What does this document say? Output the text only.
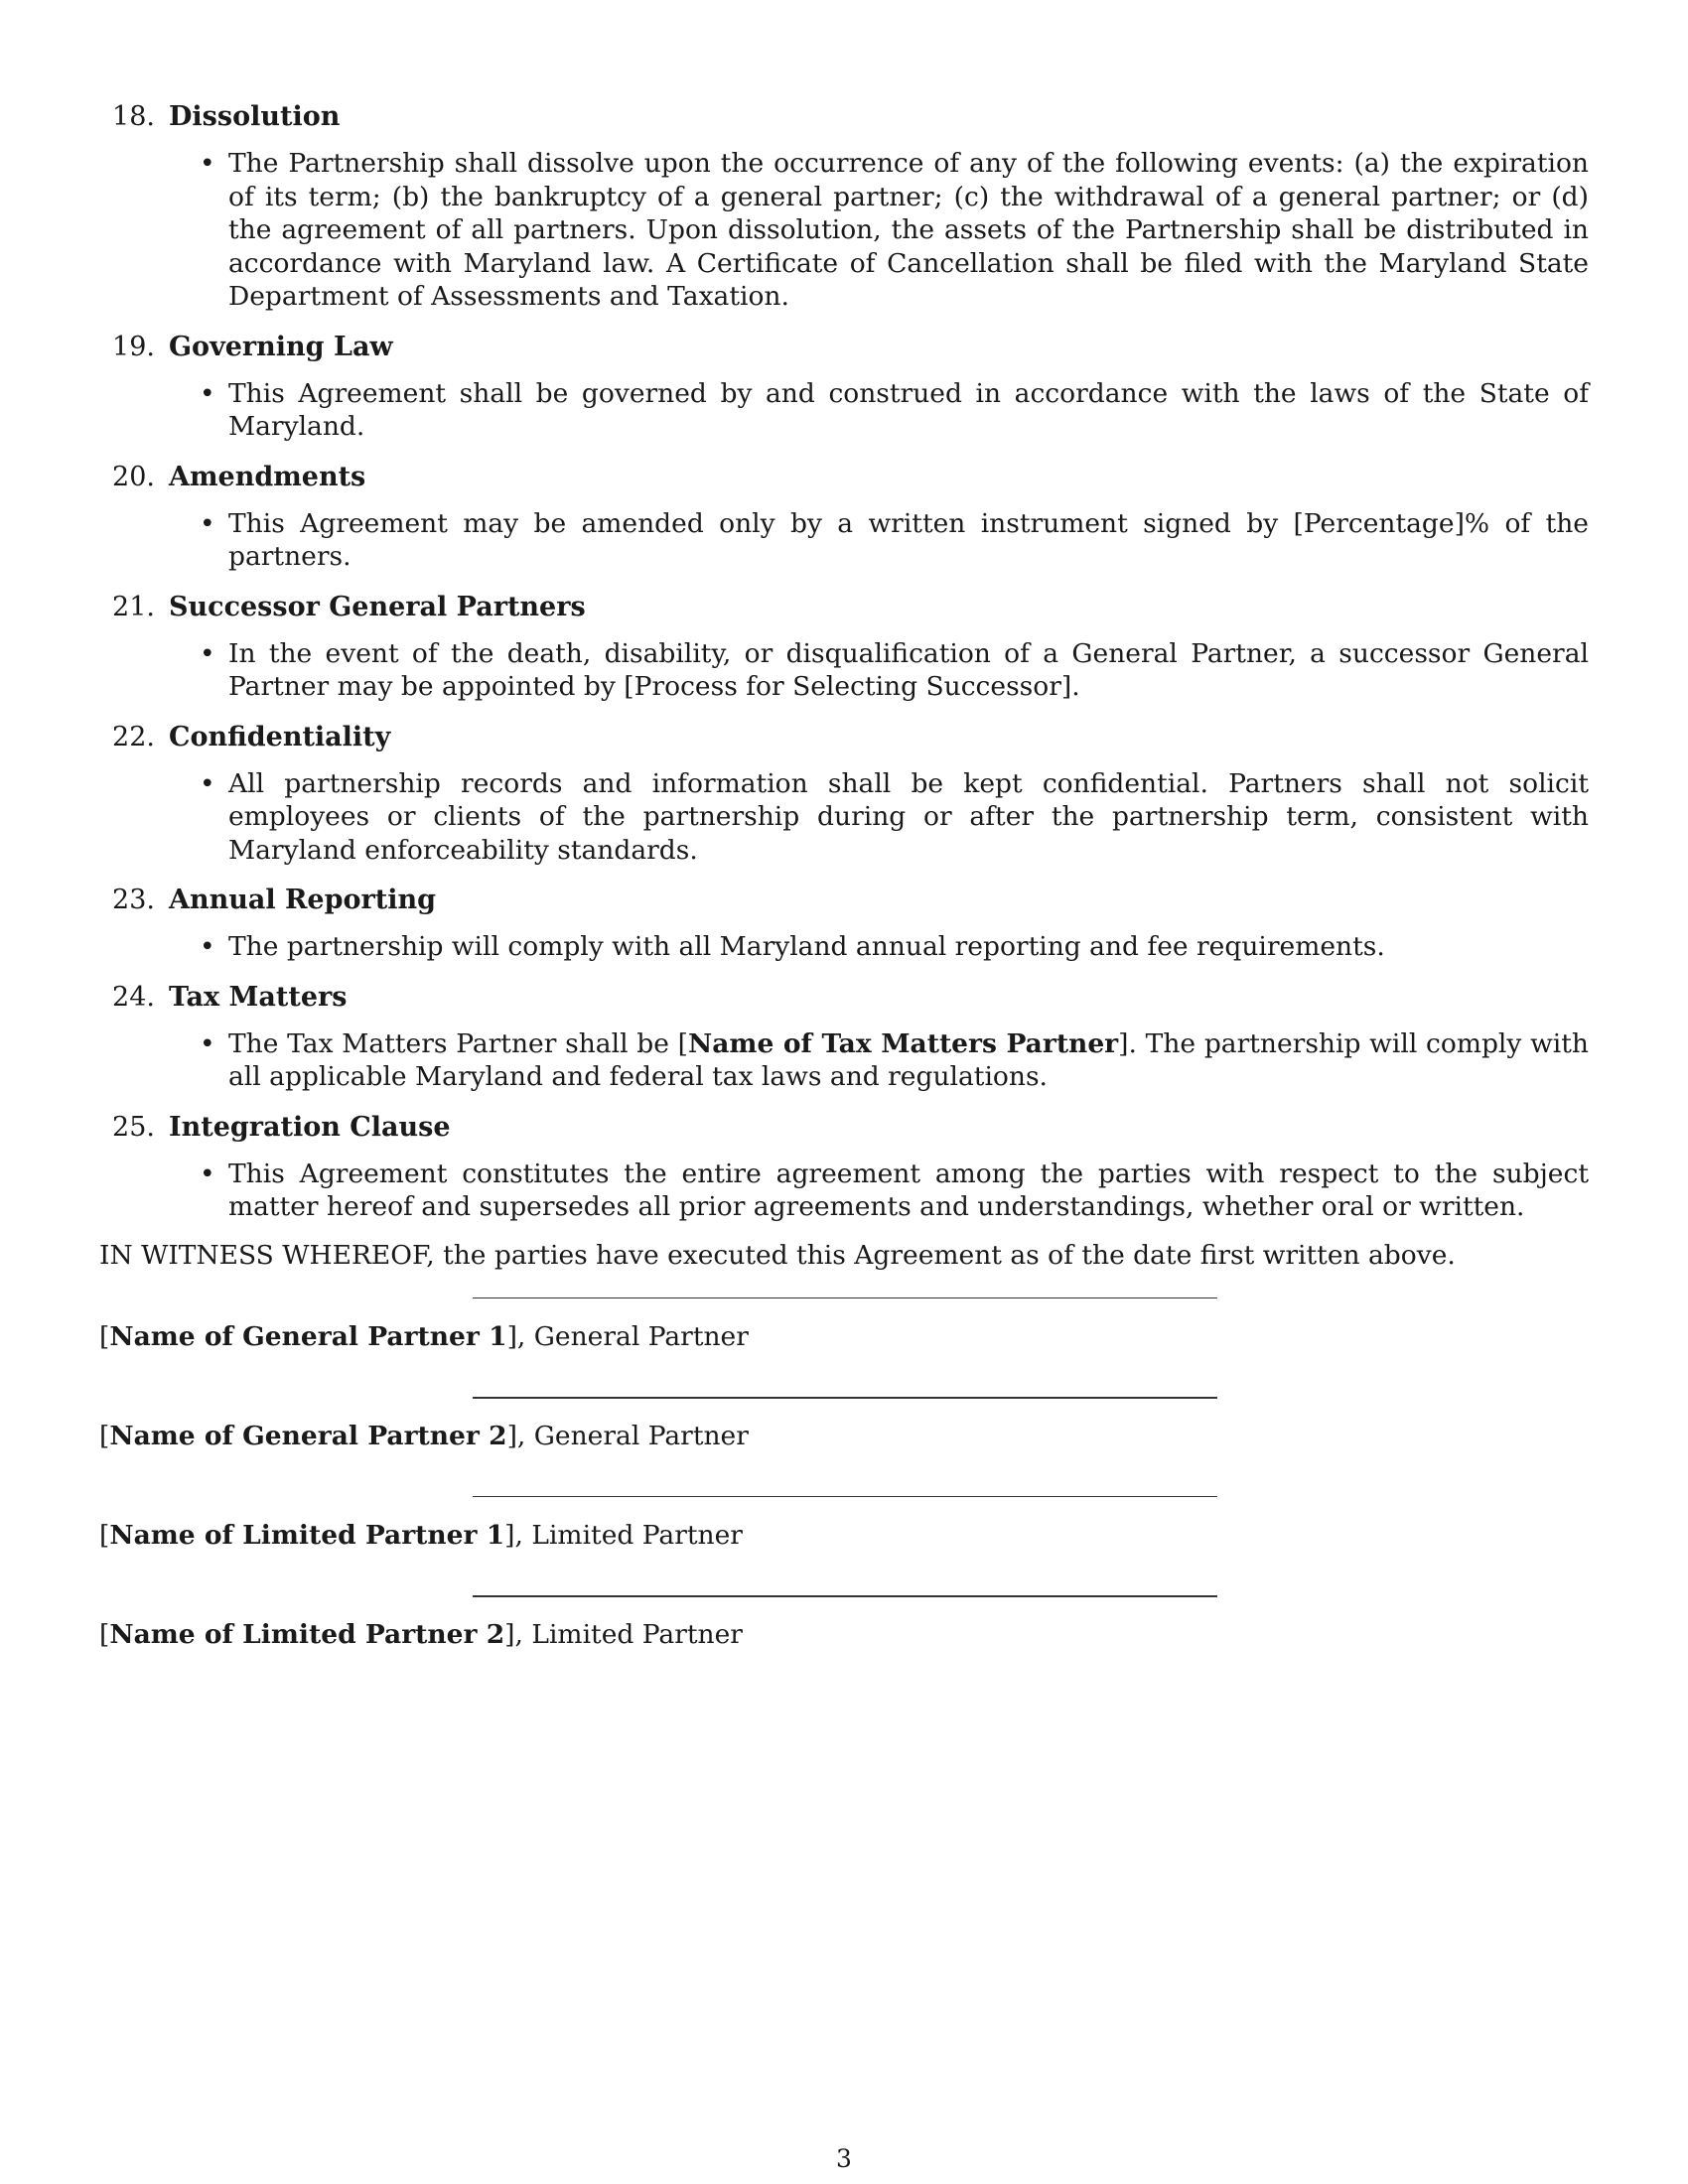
18. Dissolution
• The Partnership shall dissolve upon the occurrence of any of the following events: (a) the expiration of its term; (b) the bankruptcy of a general partner; (c) the withdrawal of a general partner; or (d) the agreement of all partners. Upon dissolution, the assets of the Partnership shall be distributed in accordance with Maryland law. A Certificate of Cancellation shall be filed with the Maryland State Department of Assessments and Taxation.
19. Governing Law
• This Agreement shall be governed by and construed in accordance with the laws of the State of Maryland.
20. Amendments
• This Agreement may be amended only by a written instrument signed by [Percentage]% of the partners.
21. Successor General Partners
• In the event of the death, disability, or disqualification of a General Partner, a successor General Partner may be appointed by [Process for Selecting Successor].
22. Confidentiality
• All partnership records and information shall be kept confidential. Partners shall not solicit employees or clients of the partnership during or after the partnership term, consistent with Maryland enforceability standards.
23. Annual Reporting
• The partnership will comply with all Maryland annual reporting and fee requirements.
24. Tax Matters
• The Tax Matters Partner shall be [Name of Tax Matters Partner]. The partnership will comply with all applicable Maryland and federal tax laws and regulations.
25. Integration Clause
• This Agreement constitutes the entire agreement among the parties with respect to the subject matter hereof and supersedes all prior agreements and understandings, whether oral or written.

IN WITNESS WHEREOF, the parties have executed this Agreement as of the date first written above.

[Name of General Partner 1], General Partner
[Name of General Partner 2], General Partner
[Name of Limited Partner 1], Limited Partner
[Name of Limited Partner 2], Limited Partner
3
